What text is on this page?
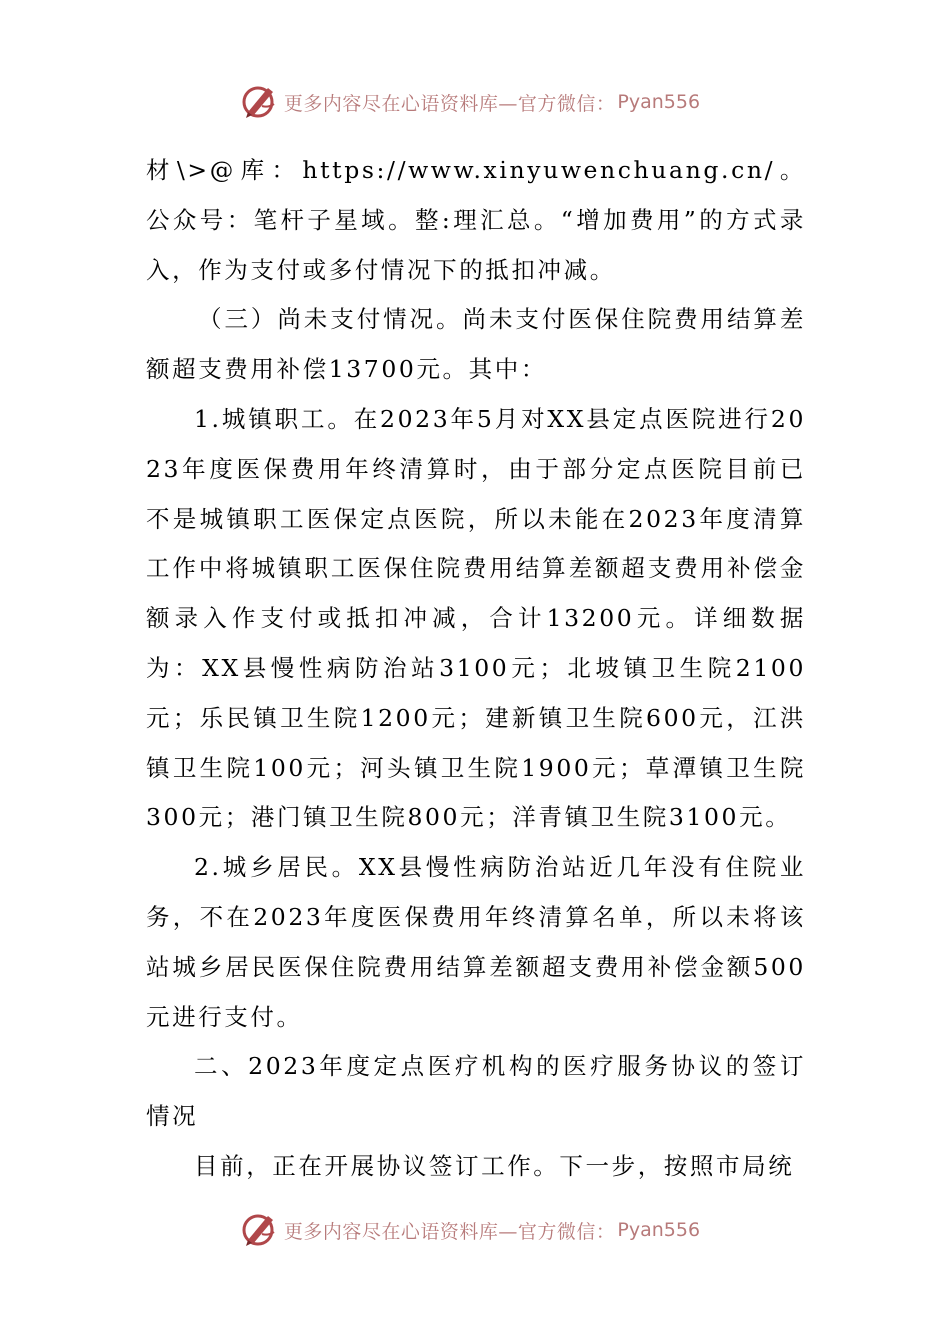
更多内容尽在心语资料库—官方微信： Pyan556

材\>@库：https://www.xinyuwenchuang.cn/。公众号：笔杆子星域。整:理汇总。“增加费用”的方式录入，作为支付或多付情况下的抵扣冲减。

（三）尚未支付情况。尚未支付医保住院费用结算差额超支费用补偿13700元。其中：

1.城镇职工。在2023年5月对XX县定点医院进行2023年度医保费用年终清算时，由于部分定点医院目前已不是城镇职工医保定点医院，所以未能在2023年度清算工作中将城镇职工医保住院费用结算差额超支费用补偿金额录入作支付或抵扣冲减，合计13200元。详细数据为：XX县慢性病防治站3100元；北坡镇卫生院2100元；乐民镇卫生院1200元；建新镇卫生院600元，江洪镇卫生院100元；河头镇卫生院1900元；草潭镇卫生院300元；港门镇卫生院800元；洋青镇卫生院3100元。

2.城乡居民。XX县慢性病防治站近几年没有住院业务，不在2023年度医保费用年终清算名单，所以未将该站城乡居民医保住院费用结算差额超支费用补偿金额500元进行支付。

二、2023年度定点医疗机构的医疗服务协议的签订情况

目前，正在开展协议签订工作。下一步，按照市局统

更多内容尽在心语资料库—官方微信： Pyan556
